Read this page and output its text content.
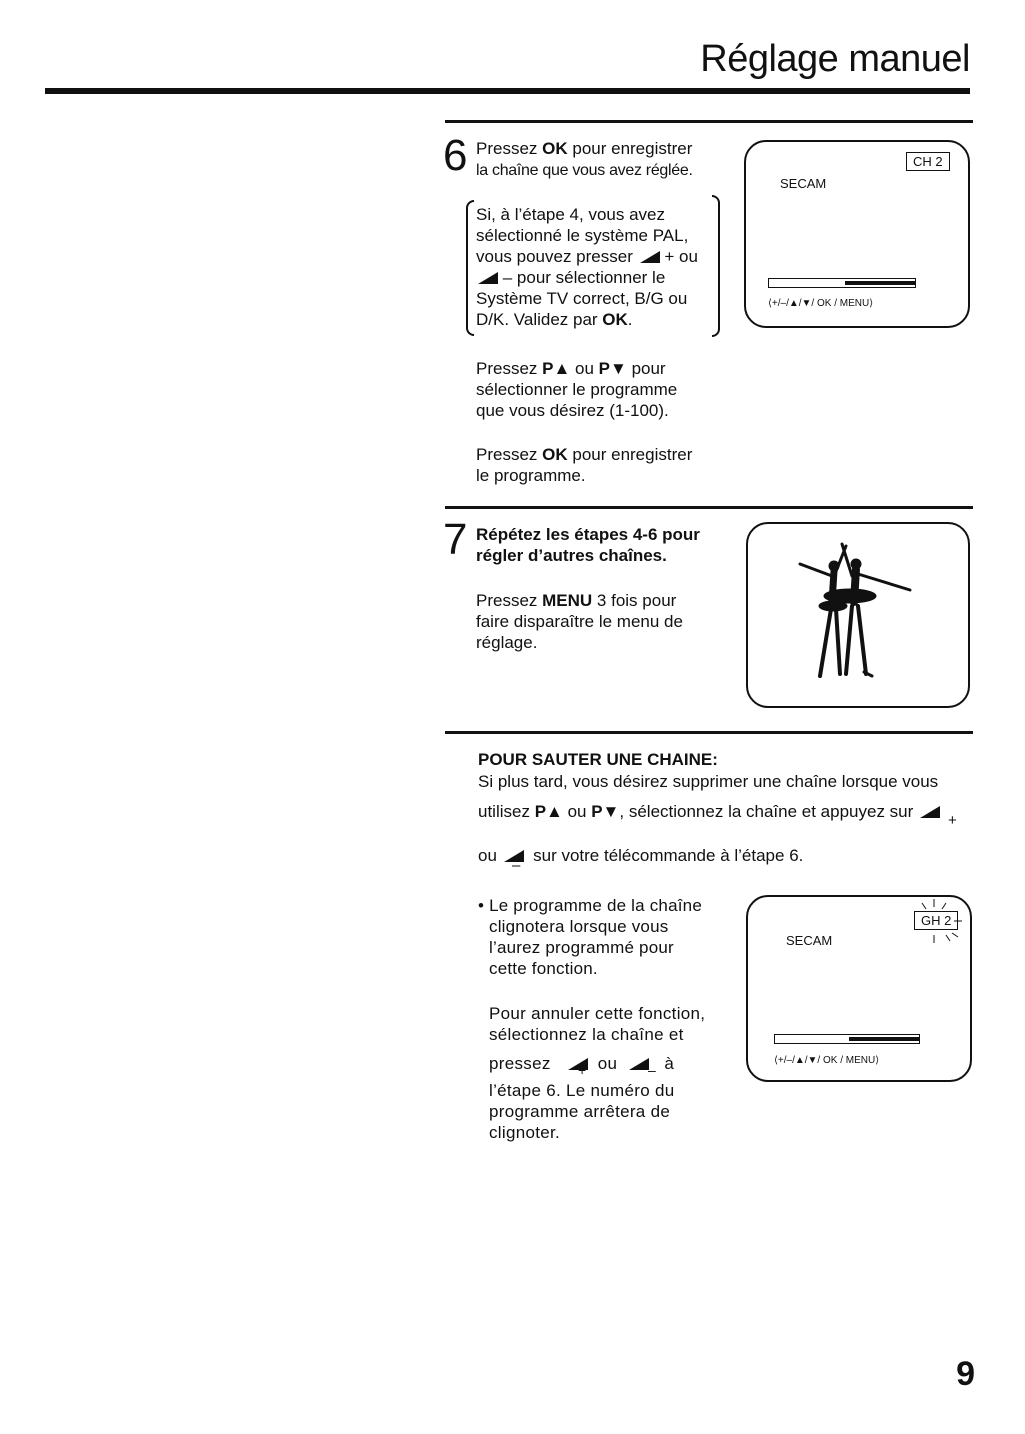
Réglage manuel
6 Pressez OK pour enregistrer
la chaîne que vous avez réglée.
Si, à l’étape 4, vous avez
sélectionné le système PAL,
vous pouvez presser + ou
– pour sélectionner le
Système TV correct, B/G ou
D/K. Validez par OK.
Pressez P▲ ou P▼ pour
sélectionner le programme
que vous désirez (1-100).
Pressez OK pour enregistrer
le programme.
CH 2
SECAM
⟨+/–/▲/▼/ OK / MENU⟩
7 Répétez les étapes 4-6 pour
régler d’autres chaînes.
Pressez MENU 3 fois pour
faire disparaître le menu de
réglage.
POUR SAUTER UNE CHAINE:
Si plus tard, vous désirez supprimer une chaîne lorsque vous
utilisez P▲ ou P▼, sélectionnez la chaîne et appuyez sur	+
ou sur votre télécommande à l’étape 6.
–
• Le programme de la chaîne
clignotera lorsque vous
l’aurez programmé pour
cette fonction.
Pour annuler cette fonction,
sélectionnez la chaîne et
pressez	ou	à
l’étape 6. Le numéro du
programme arrêtera de
clignoter.
+	–
GH 2
SECAM
⟨+/–/▲/▼/ OK / MENU⟩
9
